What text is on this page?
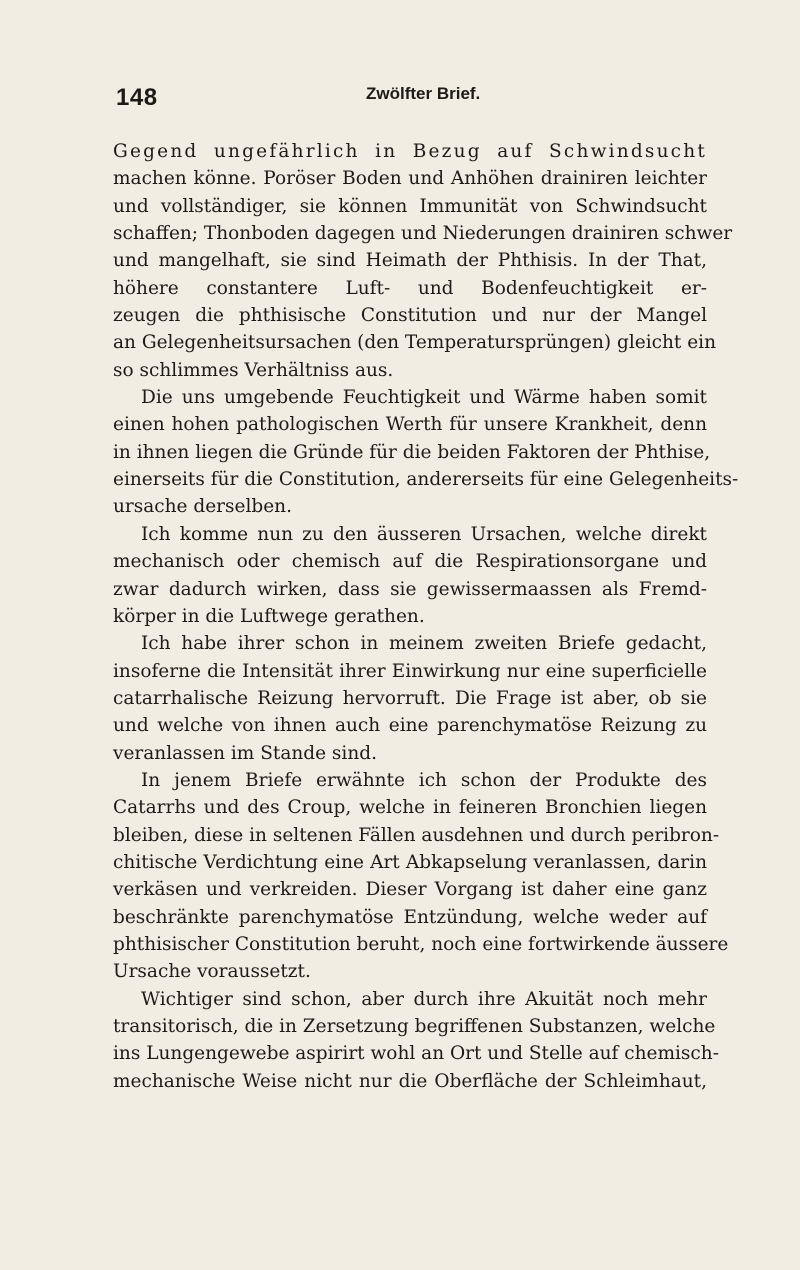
148	Zwölfter Brief.
Gegend ungefährlich in Bezug auf Schwindsucht
machen könne. Poröser Boden und Anhöhen drainiren leichter
und vollständiger, sie können Immunität von Schwindsucht
schaffen; Thonboden dagegen und Niederungen drainiren schwer
und mangelhaft, sie sind Heimath der Phthisis. In der That,
höhere constantere Luft- und Bodenfeuchtigkeit er-
zeugen die phthisische Constitution und nur der Mangel
an Gelegenheitsursachen (den Temperatursprüngen) gleicht ein
so schlimmes Verhältniss aus.
Die uns umgebende Feuchtigkeit und Wärme haben somit
einen hohen pathologischen Werth für unsere Krankheit, denn
in ihnen liegen die Gründe für die beiden Faktoren der Phthise,
einerseits für die Constitution, andererseits für eine Gelegenheits-
ursache derselben.
Ich komme nun zu den äusseren Ursachen, welche direkt
mechanisch oder chemisch auf die Respirationsorgane und
zwar dadurch wirken, dass sie gewissermaassen als Fremd-
körper in die Luftwege gerathen.
Ich habe ihrer schon in meinem zweiten Briefe gedacht,
insoferne die Intensität ihrer Einwirkung nur eine superficielle
catarrhalische Reizung hervorruft. Die Frage ist aber, ob sie
und welche von ihnen auch eine parenchymatöse Reizung zu
veranlassen im Stande sind.
In jenem Briefe erwähnte ich schon der Produkte des
Catarrhs und des Croup, welche in feineren Bronchien liegen
bleiben, diese in seltenen Fällen ausdehnen und durch peribron-
chitische Verdichtung eine Art Abkapselung veranlassen, darin
verkäsen und verkreiden. Dieser Vorgang ist daher eine ganz
beschränkte parenchymatöse Entzündung, welche weder auf
phthisischer Constitution beruht, noch eine fortwirkende äussere
Ursache voraussetzt.
Wichtiger sind schon, aber durch ihre Akuität noch mehr
transitorisch, die in Zersetzung begriffenen Substanzen, welche
ins Lungengewebe aspirirt wohl an Ort und Stelle auf chemisch-
mechanische Weise nicht nur die Oberfläche der Schleimhaut,
